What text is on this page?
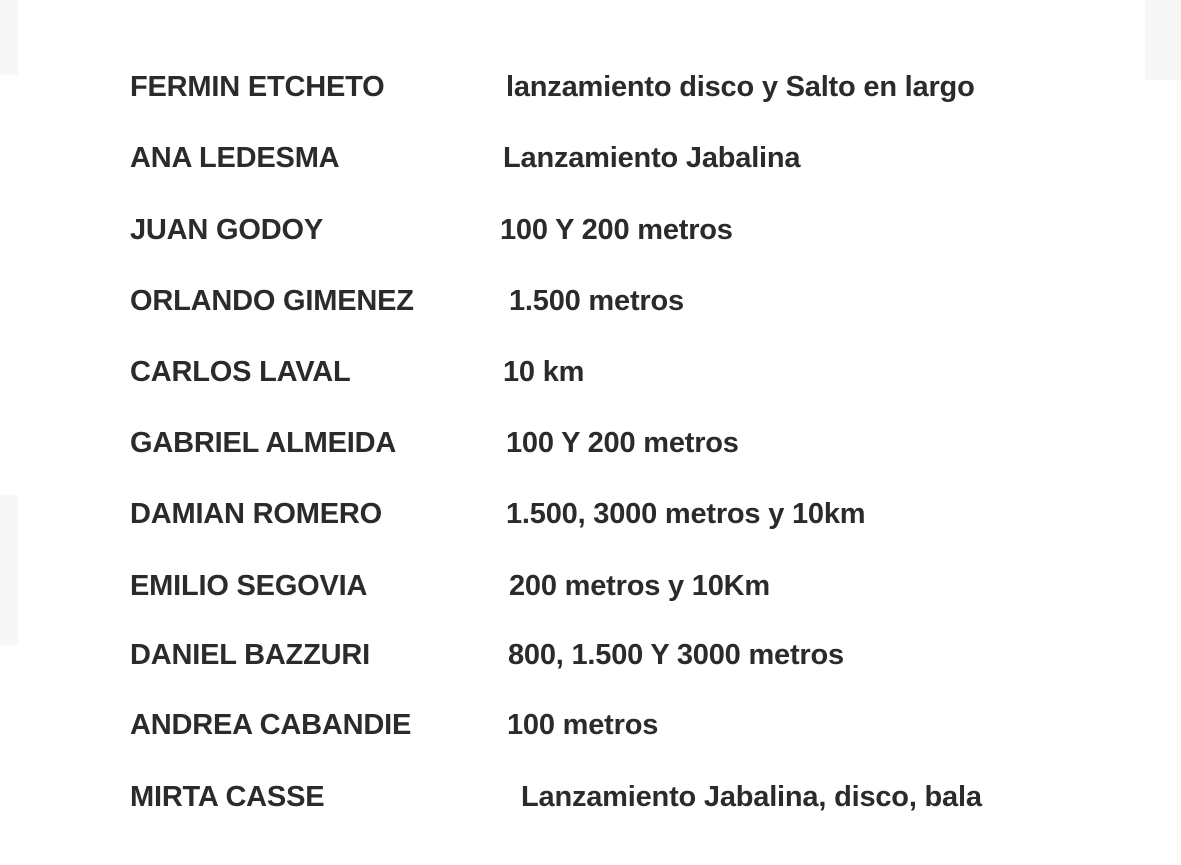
FERMIN ETCHETO	lanzamiento disco y Salto en largo
ANA LEDESMA	Lanzamiento Jabalina
JUAN GODOY	100 Y 200 metros
ORLANDO GIMENEZ	1.500 metros
CARLOS LAVAL	10 km
GABRIEL ALMEIDA	100 Y 200 metros
DAMIAN ROMERO	1.500, 3000 metros y 10km
EMILIO SEGOVIA	200 metros y 10Km
DANIEL BAZZURI	800, 1.500 Y 3000 metros
ANDREA CABANDIE	100 metros
MIRTA CASSE	Lanzamiento Jabalina, disco, bala
